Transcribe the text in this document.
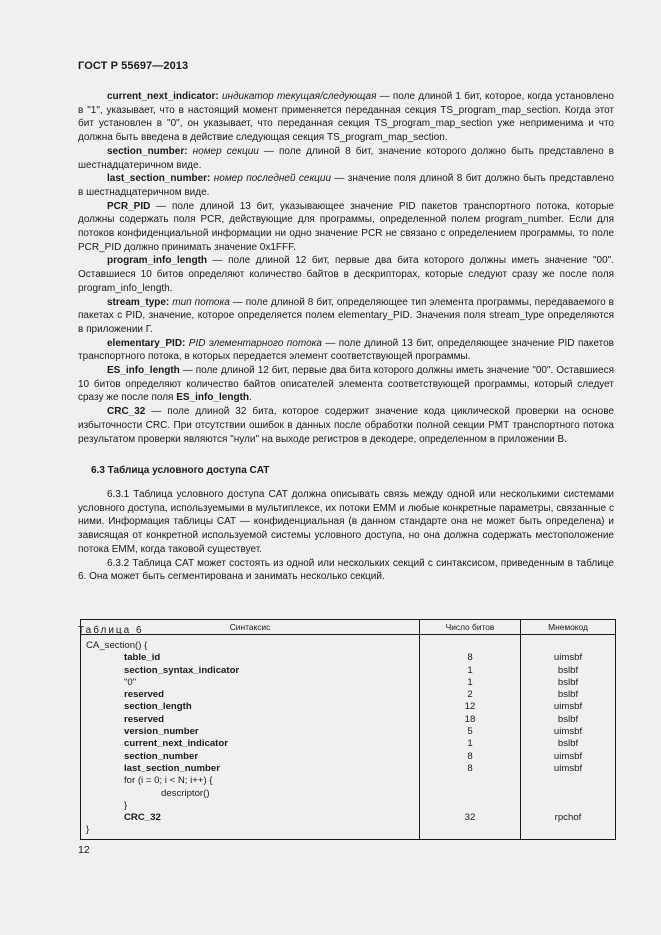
ГОСТ Р 55697—2013

current_next_indicator: индикатор текущая/следующая — поле длиной 1 бит, которое, когда установлено в "1", указывает, что в настоящий момент применяется переданная секция TS_program_map_section. Когда этот бит установлен в "0", он указывает, что переданная секция TS_program_map_section уже неприменима и что должна быть введена в действие следующая секция TS_program_map_section.

section_number: номер секции — поле длиной 8 бит, значение которого должно быть представлено в шестнадцатеричном виде.

last_section_number: номер последней секции — значение поля длиной 8 бит должно быть представлено в шестнадцатеричном виде.

PCR_PID — поле длиной 13 бит, указывающее значение PID пакетов транспортного потока, которые должны содержать поля PCR, действующие для программы, определенной полем program_number. Если для потоков конфиденциальной информации ни одно значение PCR не связано с определением программы, то поле PCR_PID должно принимать значение 0x1FFF.

program_info_length — поле длиной 12 бит, первые два бита которого должны иметь значение "00". Оставшиеся 10 битов определяют количество байтов в дескрипторах, которые следуют сразу же после поля program_info_length.

stream_type: тип потока — поле длиной 8 бит, определяющее тип элемента программы, передаваемого в пакетах с PID, значение, которое определяется полем elementary_PID. Значения поля stream_type определяются в приложении Г.

elementary_PID: PID элементарного потока — поле длиной 13 бит, определяющее значение PID пакетов транспортного потока, в которых передается элемент соответствующей программы.

ES_info_length — поле длиной 12 бит, первые два бита которого должны иметь значение "00". Оставшиеся 10 битов определяют количество байтов описателей элемента соответствующей программы, который следует сразу же после поля ES_info_length.

CRC_32 — поле длиной 32 бита, которое содержит значение кода циклической проверки на основе избыточности CRC. При отсутствии ошибок в данных после обработки полной секции PMT транспортного потока результатом проверки являются "нули" на выходе регистров в декодере, определенном в приложении В.

6.3 Таблица условного доступа CAT

6.3.1 Таблица условного доступа CAT должна описывать связь между одной или несколькими системами условного доступа, используемыми в мультиплексе, их потоки EMM и любые конкретные параметры, связанные с ними. Информация таблицы CAT — конфиденциальная (в данном стандарте она не может быть определена) и зависящая от конкретной используемой системы условного доступа, но она должна содержать местоположение потока EMM, когда таковой существует.

6.3.2 Таблица CAT может состоять из одной или нескольких секций с синтаксисом, приведенным в таблице 6. Она может быть сегментирована и занимать несколько секций.

Таблица 6	Синтаксис	Число битов	Мнемокод
CA_section() {		
table_id	8	uimsbf
section_syntax_indicator	1	bslbf
"0"	1	bslbf
reserved	2	bslbf
section_length	12	uimsbf
reserved	18	bslbf
version_number	5	uimsbf
current_next_indicator	1	bslbf
section_number	8	uimsbf
last_section_number	8	uimsbf
for (i = 0; i < N; i++) {		
descriptor()		
}		
CRC_32	32	rpchof
}		
12
